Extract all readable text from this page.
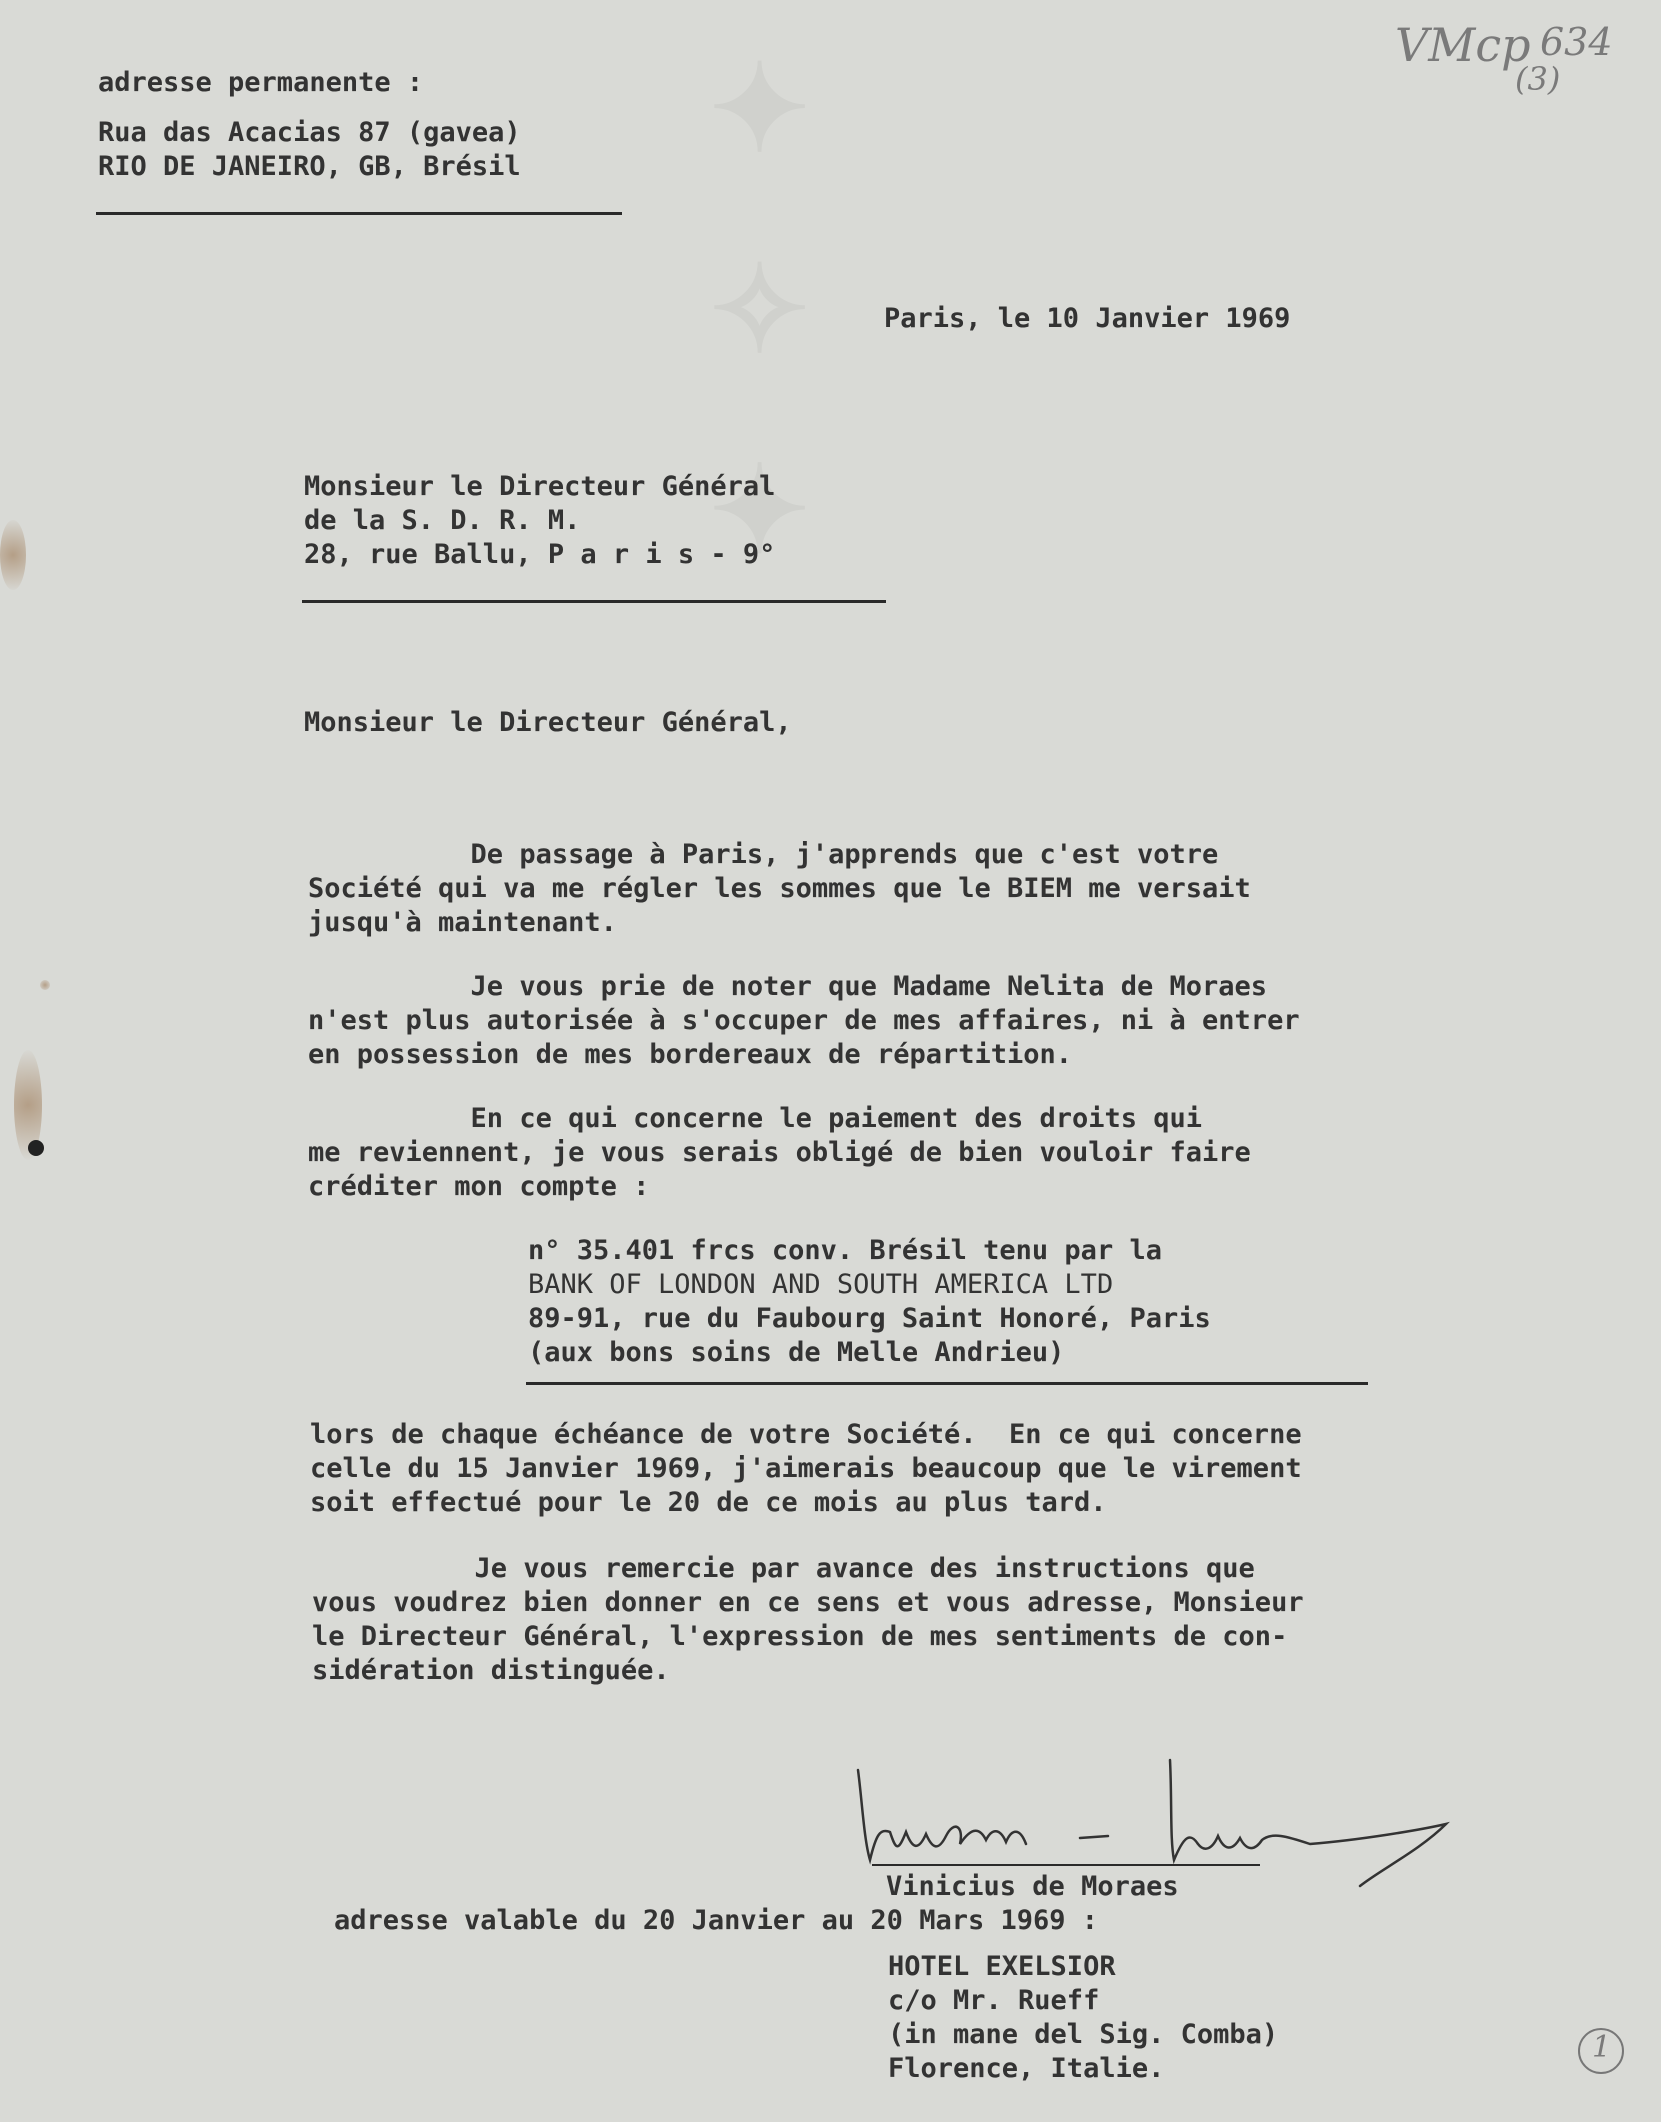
✦ ✧ ✦	VMcp 634
(3)
adresse permanente :
Rua das Acacias 87 (gavea)
RIO DE JANEIRO, GB, Brésil
Paris, le 10 Janvier 1969
Monsieur le Directeur Général
de la S. D. R. M.
28, rue Ballu, P a r i s - 9°
Monsieur le Directeur Général,
De passage à Paris, j'apprends que c'est votre
Société qui va me régler les sommes que le BIEM me versait
jusqu'à maintenant.
Je vous prie de noter que Madame Nelita de Moraes
n'est plus autorisée à s'occuper de mes affaires, ni à entrer
en possession de mes bordereaux de répartition.
En ce qui concerne le paiement des droits qui
me reviennent, je vous serais obligé de bien vouloir faire
créditer mon compte :
n° 35.401 frcs conv. Brésil tenu par la
BANK OF LONDON AND SOUTH AMERICA LTD
89-91, rue du Faubourg Saint Honoré, Paris
(aux bons soins de Melle Andrieu)
lors de chaque échéance de votre Société.  En ce qui concerne
celle du 15 Janvier 1969, j'aimerais beaucoup que le virement
soit effectué pour le 20 de ce mois au plus tard.
Je vous remercie par avance des instructions que
vous voudrez bien donner en ce sens et vous adresse, Monsieur
le Directeur Général, l'expression de mes sentiments de con-
sidération distinguée.
Vinicius de Moraes
adresse valable du 20 Janvier au 20 Mars 1969 :
HOTEL EXELSIOR
c/o Mr. Rueff
(in mane del Sig. Comba)
Florence, Italie.
1
